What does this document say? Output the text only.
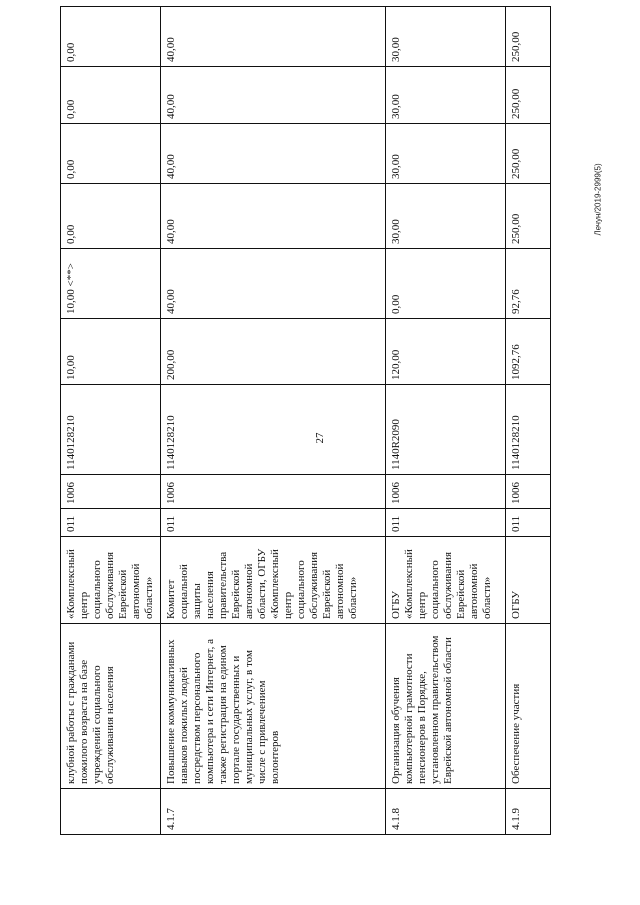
27
Лечун/2019-2999(5)
	клубной работы с гражданами пожилого возраста на базе учреждений социального обслуживания населения	«Комплексный центр социального обслуживания Еврейской автономной области»	011	1006	1140128210	10,00	10,00 <**>	0,00	0,00	0,00	0,00
4.1.7	Повышение коммуникативных навыков пожилых людей посредством персонального компьютера и сети Интернет, а также регистрация на едином портале государственных и муниципальных услуг, в том числе с привлечением волонтеров	Комитет социальной защиты населения правительства Еврейской автономной области, ОГБУ «Комплексный центр социального обслуживания Еврейской автономной области»	011	1006	1140128210	200,00	40,00	40,00	40,00	40,00	40,00
4.1.8	Организация обучения компьютерной грамотности пенсионеров в Порядке, установленном правительством Еврейской автономной области	ОГБУ «Комплексный центр социального обслуживания Еврейской автономной области»	011	1006	1140R2090	120,00	0,00	30,00	30,00	30,00	30,00
4.1.9	Обеспечение участия	ОГБУ	011	1006	1140128210	1092,76	92,76	250,00	250,00	250,00	250,00
